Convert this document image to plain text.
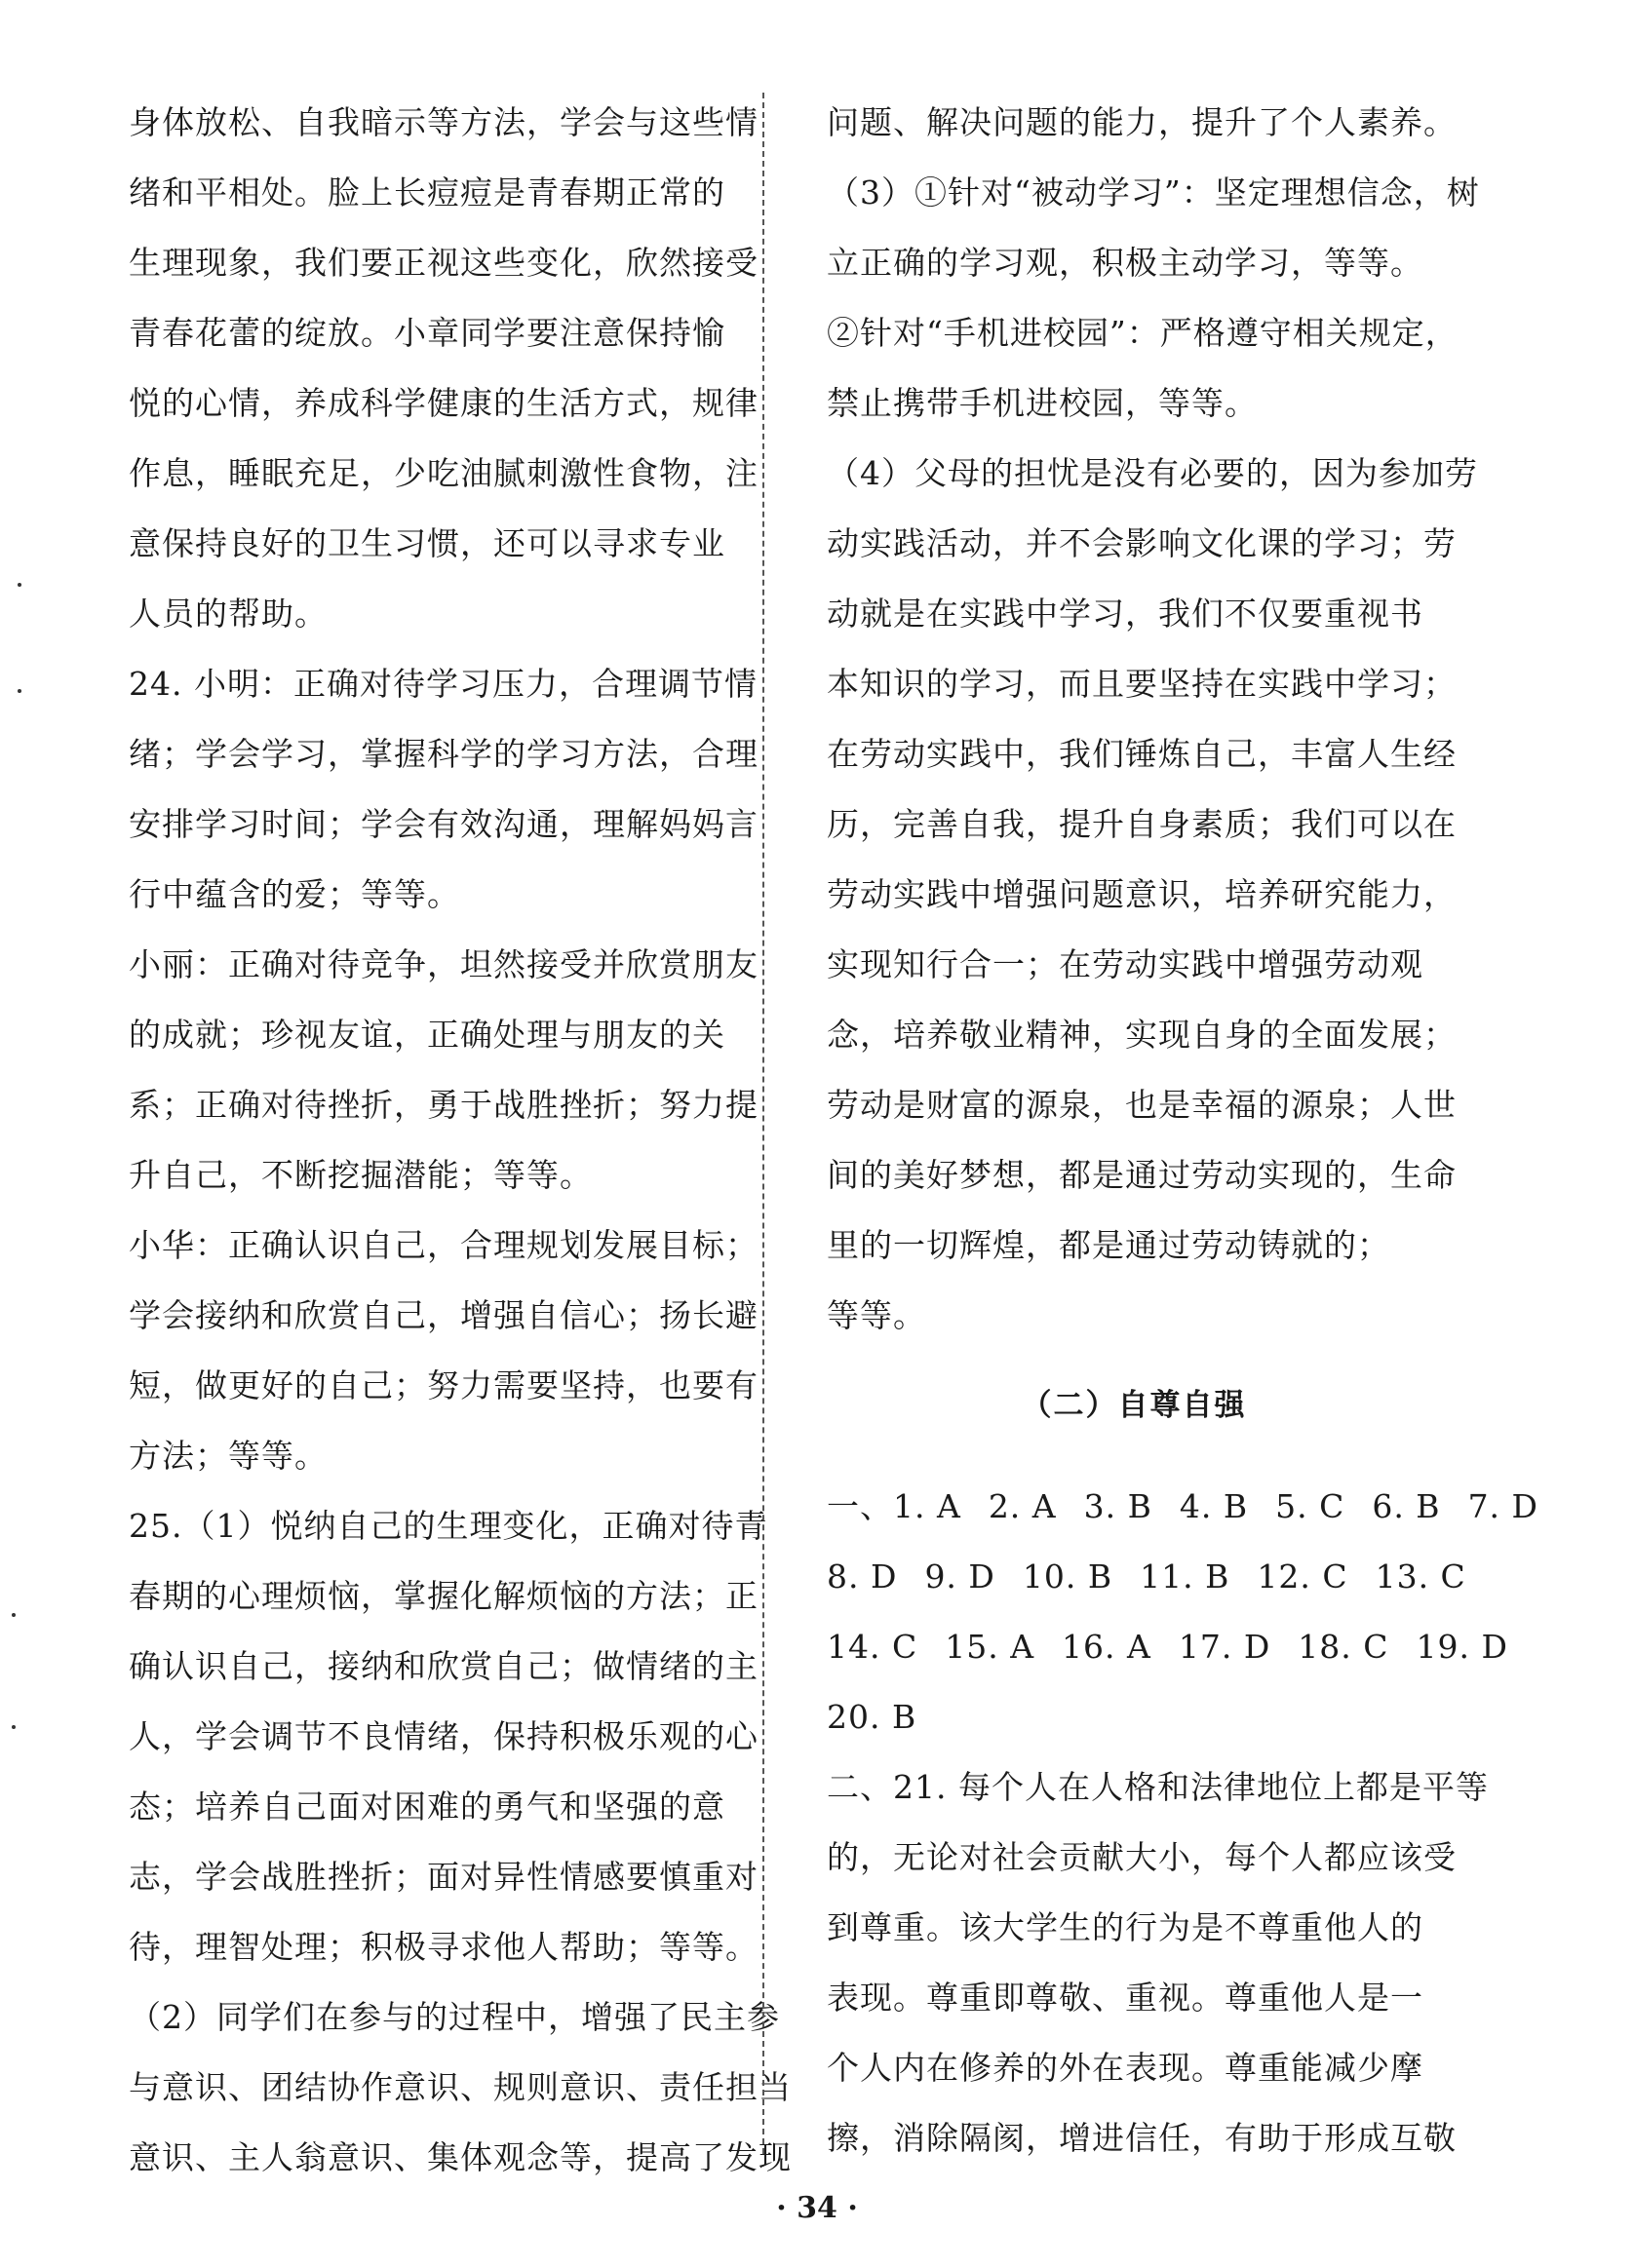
身体放松、自我暗示等方法，学会与这些情
绪和平相处。脸上长痘痘是青春期正常的
生理现象，我们要正视这些变化，欣然接受
青春花蕾的绽放。小章同学要注意保持愉
悦的心情，养成科学健康的生活方式，规律
作息，睡眠充足，少吃油腻刺激性食物，注
意保持良好的卫生习惯，还可以寻求专业
人员的帮助。
24. 小明：正确对待学习压力，合理调节情
绪；学会学习，掌握科学的学习方法，合理
安排学习时间；学会有效沟通，理解妈妈言
行中蕴含的爱；等等。
小丽：正确对待竞争，坦然接受并欣赏朋友
的成就；珍视友谊，正确处理与朋友的关
系；正确对待挫折，勇于战胜挫折；努力提
升自己，不断挖掘潜能；等等。
小华：正确认识自己，合理规划发展目标；
学会接纳和欣赏自己，增强自信心；扬长避
短，做更好的自己；努力需要坚持，也要有
方法；等等。
25.（1）悦纳自己的生理变化，正确对待青
春期的心理烦恼，掌握化解烦恼的方法；正
确认识自己，接纳和欣赏自己；做情绪的主
人，学会调节不良情绪，保持积极乐观的心
态；培养自己面对困难的勇气和坚强的意
志，学会战胜挫折；面对异性情感要慎重对
待，理智处理；积极寻求他人帮助；等等。
（2）同学们在参与的过程中，增强了民主参
与意识、团结协作意识、规则意识、责任担当
意识、主人翁意识、集体观念等，提高了发现
问题、解决问题的能力，提升了个人素养。
（3）①针对“被动学习”：坚定理想信念，树
立正确的学习观，积极主动学习，等等。
②针对“手机进校园”：严格遵守相关规定，
禁止携带手机进校园，等等。
（4）父母的担忧是没有必要的，因为参加劳
动实践活动，并不会影响文化课的学习；劳
动就是在实践中学习，我们不仅要重视书
本知识的学习，而且要坚持在实践中学习；
在劳动实践中，我们锤炼自己，丰富人生经
历，完善自我，提升自身素质；我们可以在
劳动实践中增强问题意识，培养研究能力，
实现知行合一；在劳动实践中增强劳动观
念，培养敬业精神，实现自身的全面发展；
劳动是财富的源泉，也是幸福的源泉；人世
间的美好梦想，都是通过劳动实现的，生命
里的一切辉煌，都是通过劳动铸就的；
等等。
（二）自尊自强
一、1. A 2. A 3. B 4. B 5. C 6. B 7. D
8. D 9. D 10. B 11. B 12. C 13. C
14. C 15. A 16. A 17. D 18. C 19. D
20. B
二、21. 每个人在人格和法律地位上都是平等
的，无论对社会贡献大小，每个人都应该受
到尊重。该大学生的行为是不尊重他人的
表现。尊重即尊敬、重视。尊重他人是一
个人内在修养的外在表现。尊重能减少摩
擦，消除隔阂，增进信任，有助于形成互敬
· 34 ·
